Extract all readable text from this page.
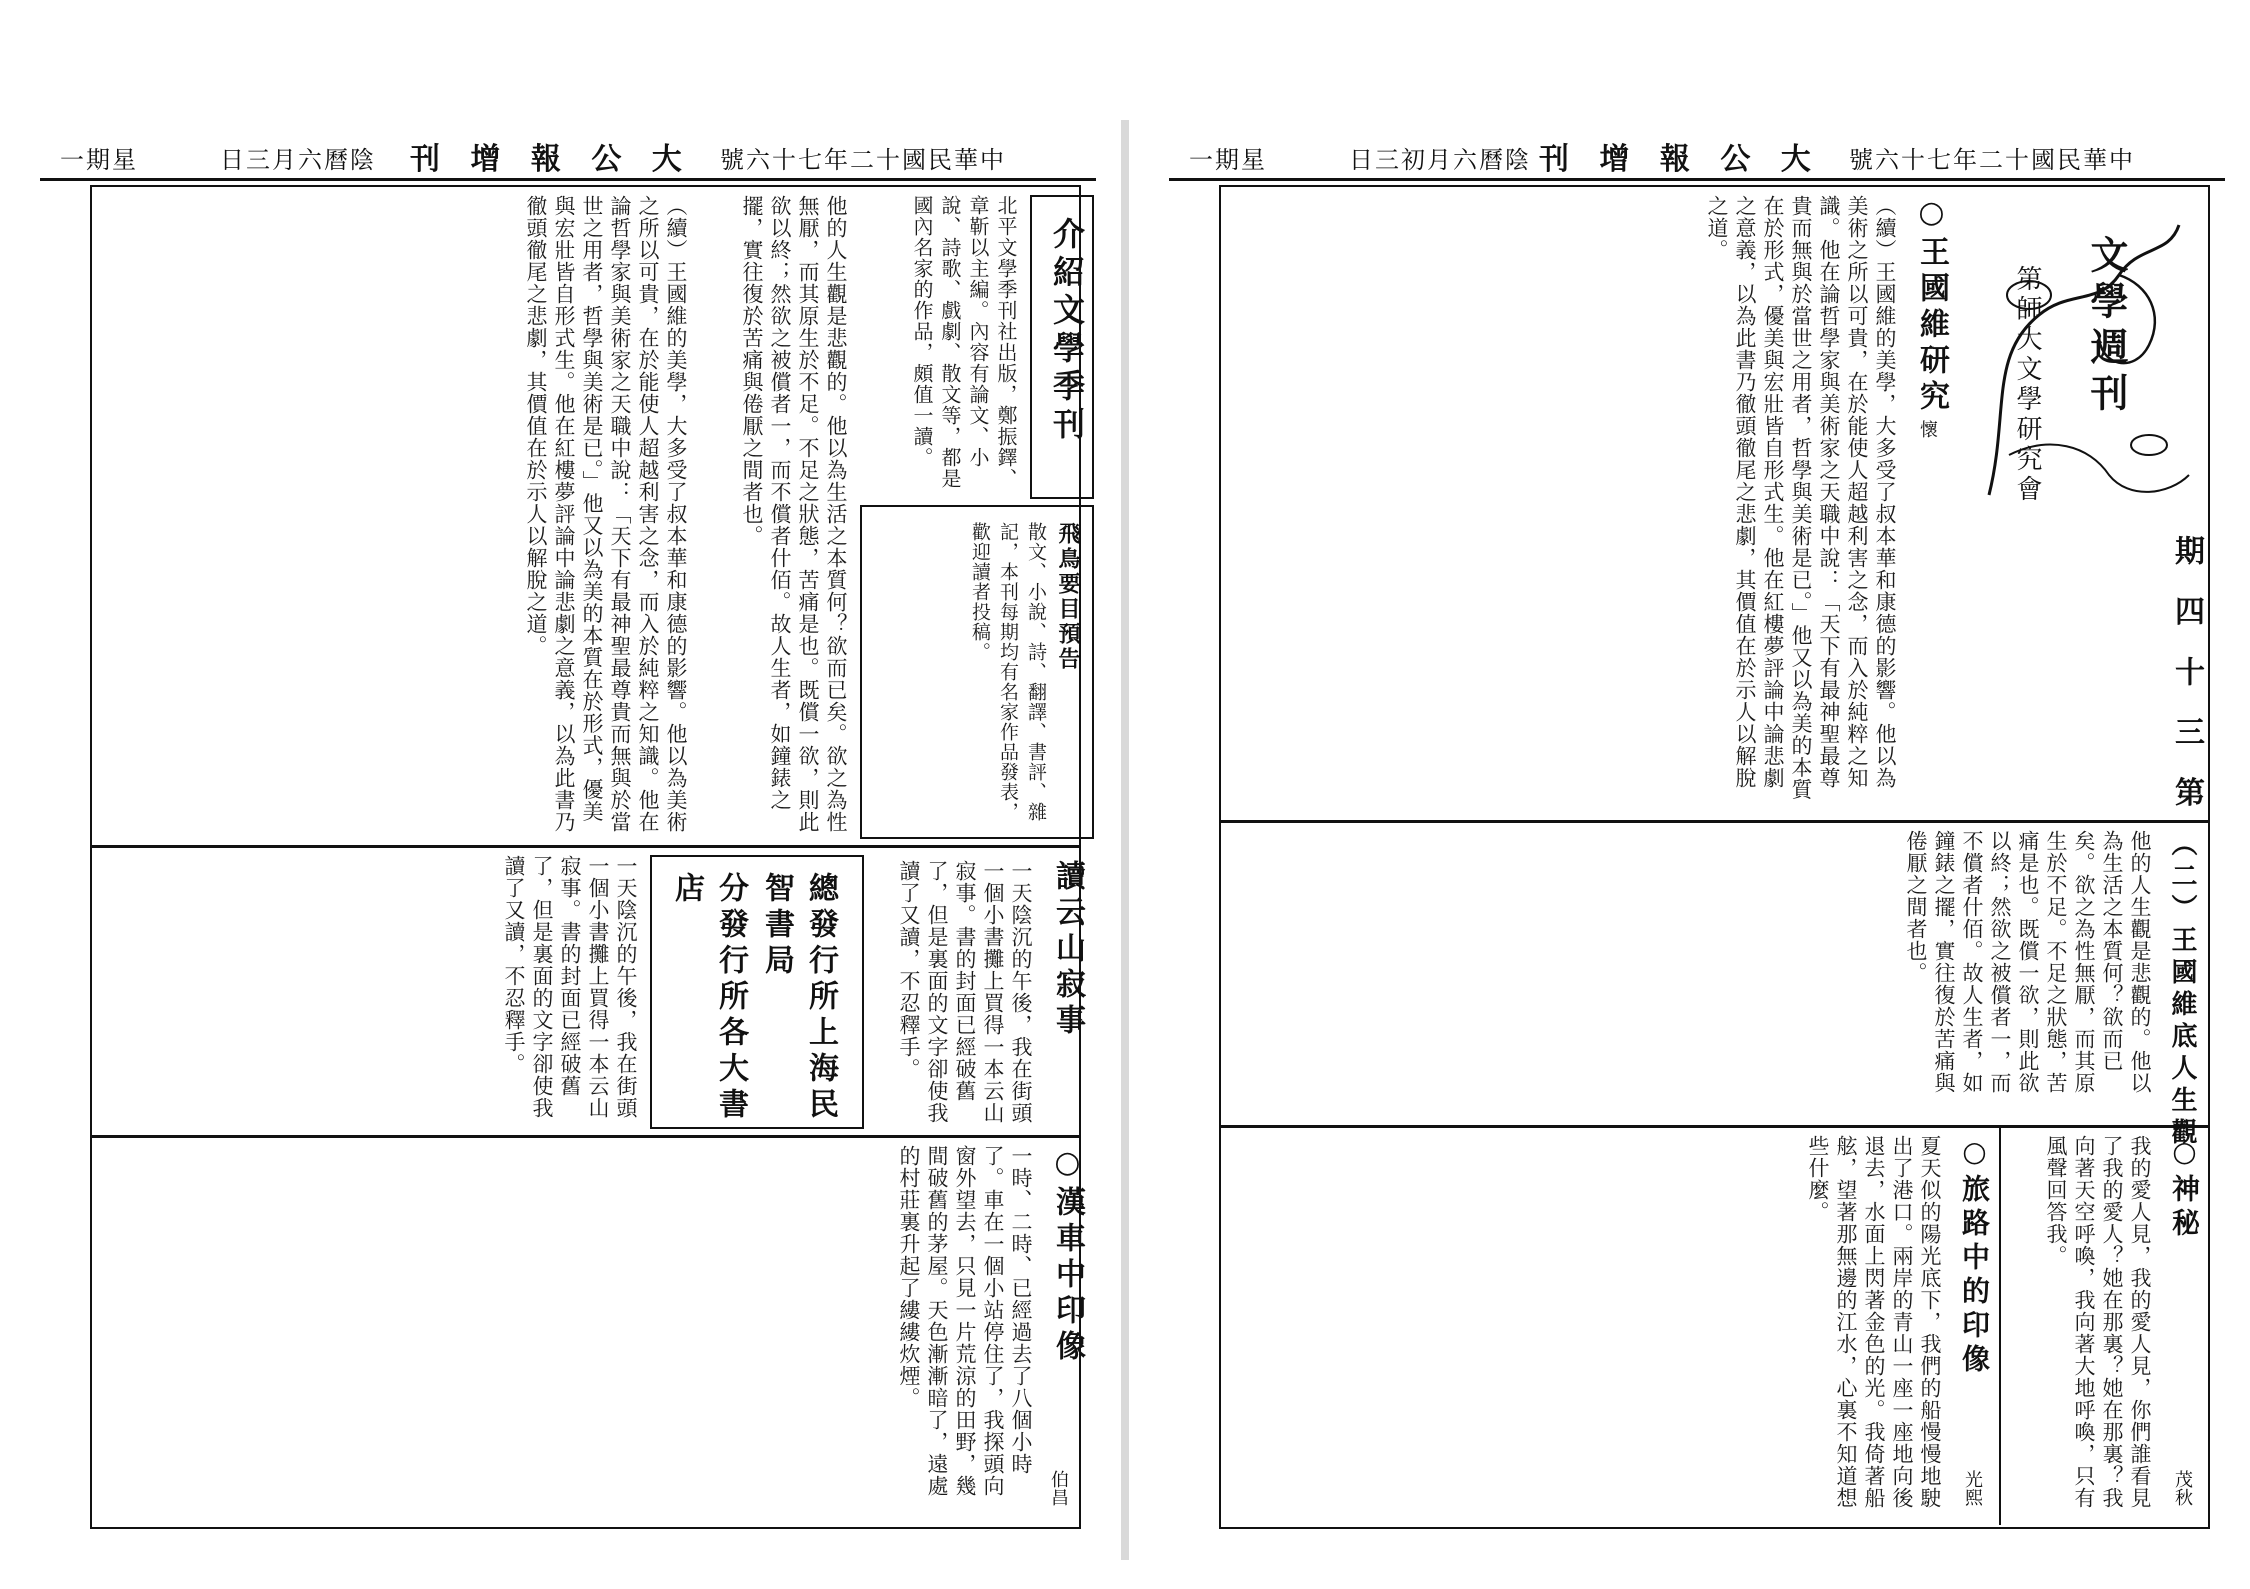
一期星	日三月六曆陰 刊 增 報 公 大 號六十七年二十國民華中
（續）王國維的美學，大多受了叔本華和康德的影響。他以為美術之所以可貴，在於能使人超越利害之念，而入於純粹之知識。他在論哲學家與美術家之天職中說：「天下有最神聖最尊貴而無與於當世之用者，哲學與美術是已。」他又以為美的本質在於形式，優美與宏壯皆自形式生。他在紅樓夢評論中論悲劇之意義，以為此書乃徹頭徹尾之悲劇，其價值在於示人以解脫之道。	介紹文學季刊
北平文學季刊社出版，鄭振鐸、章靳以主編。內容有論文、小說、詩歌、戲劇、散文等，都是國內名家的作品，頗值一讀。
飛鳥要目預告
散文、小說、詩、翻譯、書評、雜記，本刊每期均有名家作品發表，歡迎讀者投稿。
他的人生觀是悲觀的。他以為生活之本質何？欲而已矣。欲之為性無厭，而其原生於不足。不足之狀態，苦痛是也。既償一欲，則此欲以終；然欲之被償者一，而不償者什佰。故人生者，如鐘錶之擺，實往復於苦痛與倦厭之間者也。
一天陰沉的午後，我在街頭一個小書攤上買得一本云山寂事。書的封面已經破舊了，但是裏面的文字卻使我讀了又讀，不忍釋手。	總發行所上海民智書局
分發行所各大書店	讀云山寂事
一天陰沉的午後，我在街頭一個小書攤上買得一本云山寂事。書的封面已經破舊了，但是裏面的文字卻使我讀了又讀，不忍釋手。
○漢車中印像
伯昌
一時、二時、已經過去了八個小時了。車在一個小站停住了，我探頭向窗外望去，只見一片荒涼的田野，幾間破舊的茅屋。天色漸漸暗了，遠處的村莊裏升起了縷縷炊煙。
一期星	日三初月六曆陰 刊 增 報 公 大 號六十七年二十國民華中
文學週刊
第師大文學研究會
期 四 十 三 第
○王國維研究
懷
（續）王國維的美學，大多受了叔本華和康德的影響。他以為美術之所以可貴，在於能使人超越利害之念，而入於純粹之知識。他在論哲學家與美術家之天職中說：「天下有最神聖最尊貴而無與於當世之用者，哲學與美術是已。」他又以為美的本質在於形式，優美與宏壯皆自形式生。他在紅樓夢評論中論悲劇之意義，以為此書乃徹頭徹尾之悲劇，其價值在於示人以解脫之道。
（二）王國維底人生觀
他的人生觀是悲觀的。他以為生活之本質何？欲而已矣。欲之為性無厭，而其原生於不足。不足之狀態，苦痛是也。既償一欲，則此欲以終；然欲之被償者一，而不償者什佰。故人生者，如鐘錶之擺，實往復於苦痛與倦厭之間者也。
○神秘
茂秋
我的愛人見，我的愛人見，你們誰看見了我的愛人？她在那裏？她在那裏？我向著天空呼喚，我向著大地呼喚，只有風聲回答我。
○旅路中的印像
光熙
夏天似的陽光底下，我們的船慢慢地駛出了港口。兩岸的青山一座一座地向後退去，水面上閃著金色的光。我倚著船舷，望著那無邊的江水，心裏不知道想些什麼。
